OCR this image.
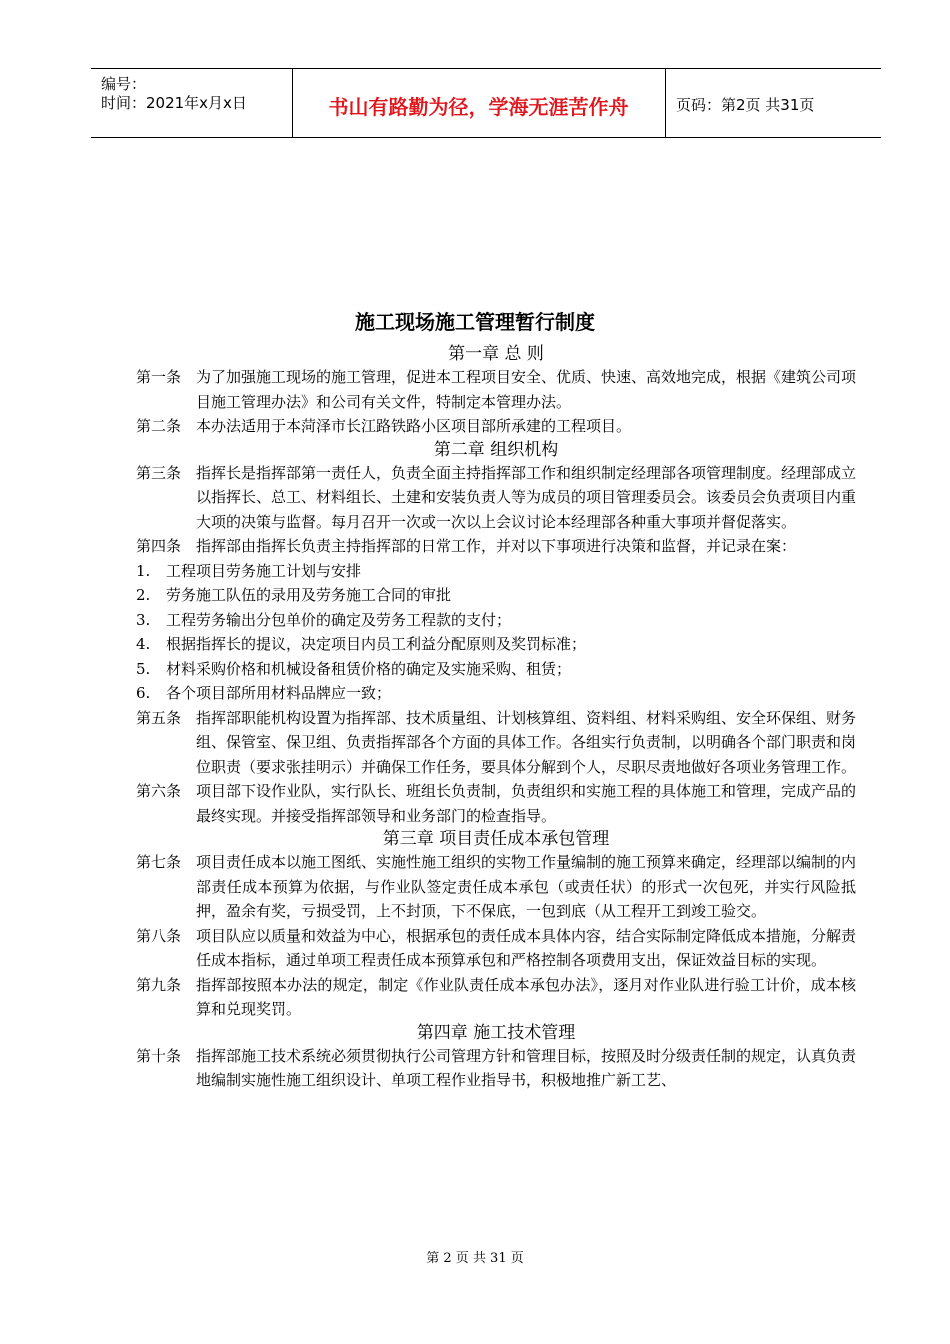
编号：
时间：2021年x月x日	书山有路勤为径，学海无涯苦作舟	页码：第2页 共31页
施工现场施工管理暂行制度
第一章 总 则
第一条 为了加强施工现场的施工管理，促进本工程项目安全、优质、快速、高效地完成，根据《建筑公司项目施工管理办法》和公司有关文件，特制定本管理办法。
第二条 本办法适用于本菏泽市长江路铁路小区项目部所承建的工程项目。
第二章 组织机构
第三条 指挥长是指挥部第一责任人，负责全面主持指挥部工作和组织制定经理部各项管理制度。经理部成立以指挥长、总工、材料组长、土建和安装负责人等为成员的项目管理委员会。该委员会负责项目内重大项的决策与监督。每月召开一次或一次以上会议讨论本经理部各种重大事项并督促落实。
第四条 指挥部由指挥长负责主持指挥部的日常工作，并对以下事项进行决策和监督，并记录在案：
1.	工程项目劳务施工计划与安排
2.	劳务施工队伍的录用及劳务施工合同的审批
3.	工程劳务输出分包单价的确定及劳务工程款的支付；
4.	根据指挥长的提议，决定项目内员工利益分配原则及奖罚标准；
5.	材料采购价格和机械设备租赁价格的确定及实施采购、租赁；
6.	各个项目部所用材料品牌应一致；
第五条 指挥部职能机构设置为指挥部、技术质量组、计划核算组、资料组、材料采购组、安全环保组、财务组、保管室、保卫组、负责指挥部各个方面的具体工作。各组实行负责制，以明确各个部门职责和岗位职责（要求张挂明示）并确保工作任务，要具体分解到个人，尽职尽责地做好各项业务管理工作。
第六条 项目部下设作业队，实行队长、班组长负责制，负责组织和实施工程的具体施工和管理，完成产品的最终实现。并接受指挥部领导和业务部门的检查指导。
第三章 项目责任成本承包管理
第七条 项目责任成本以施工图纸、实施性施工组织的实物工作量编制的施工预算来确定，经理部以编制的内部责任成本预算为依据，与作业队签定责任成本承包（或责任状）的形式一次包死，并实行风险抵押，盈余有奖，亏损受罚，上不封顶，下不保底，一包到底（从工程开工到竣工验交。
第八条 项目队应以质量和效益为中心，根据承包的责任成本具体内容，结合实际制定降低成本措施，分解责任成本指标，通过单项工程责任成本预算承包和严格控制各项费用支出，保证效益目标的实现。
第九条 指挥部按照本办法的规定，制定《作业队责任成本承包办法》，逐月对作业队进行验工计价，成本核算和兑现奖罚。
第四章 施工技术管理
第十条 指挥部施工技术系统必须贯彻执行公司管理方针和管理目标，按照及时分级责任制的规定，认真负责地编制实施性施工组织设计、单项工程作业指导书，积极地推广新工艺、
第 2 页 共 31 页
